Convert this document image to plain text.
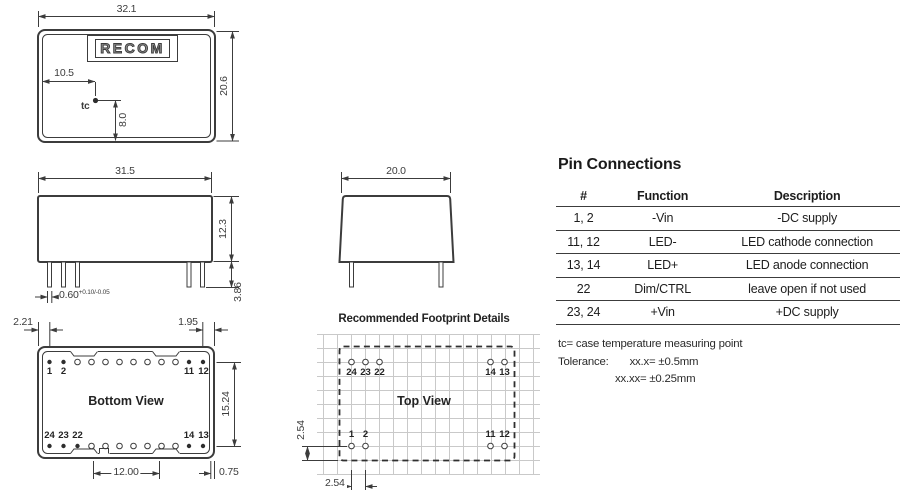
RECOM
32.1
20.6
10.5
8.0
tc
31.5
12.3
3.86
$0.60^{+0.10/-0.05}$
2.21	1.95
20.0
Bottom View
1 2	11 12
24 23 22	14 13
15.24
12.00	0.75
Recommended Footprint Details
Top View
24 23 22	14 13
1 2	11 12
2.54
2.54
Pin Connections
#	Function	Description
1, 2	-Vin	-DC supply
11, 12	LED-	LED cathode connection
13, 14	LED+	LED anode connection
22	Dim/CTRL	leave open if not used
23, 24	+Vin	+DC supply
tc= case temperature measuring point
Tolerance: xx.x= ±0.5mm
xx.xx= ±0.25mm
